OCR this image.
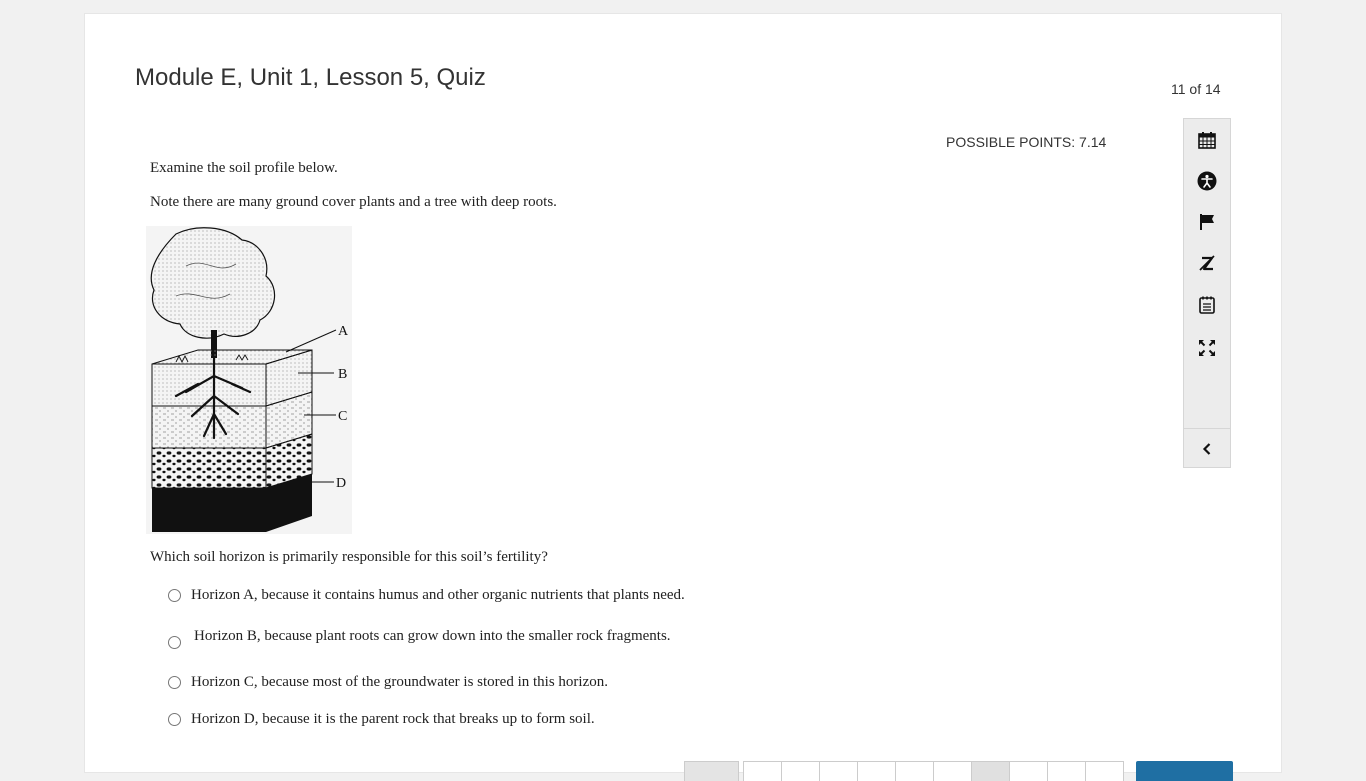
Module E, Unit 1, Lesson 5, Quiz	11 of 14
POSSIBLE POINTS: 7.14

Examine the soil profile below.

Note there are many ground cover plants and a tree with deep roots.

A
B
C
D

Which soil horizon is primarily responsible for this soil’s fertility?

Horizon A, because it contains humus and other organic nutrients that plants need.
Horizon B, because plant roots can grow down into the smaller rock fragments.
Horizon C, because most of the groundwater is stored in this horizon.
Horizon D, because it is the parent rock that breaks up to form soil.
